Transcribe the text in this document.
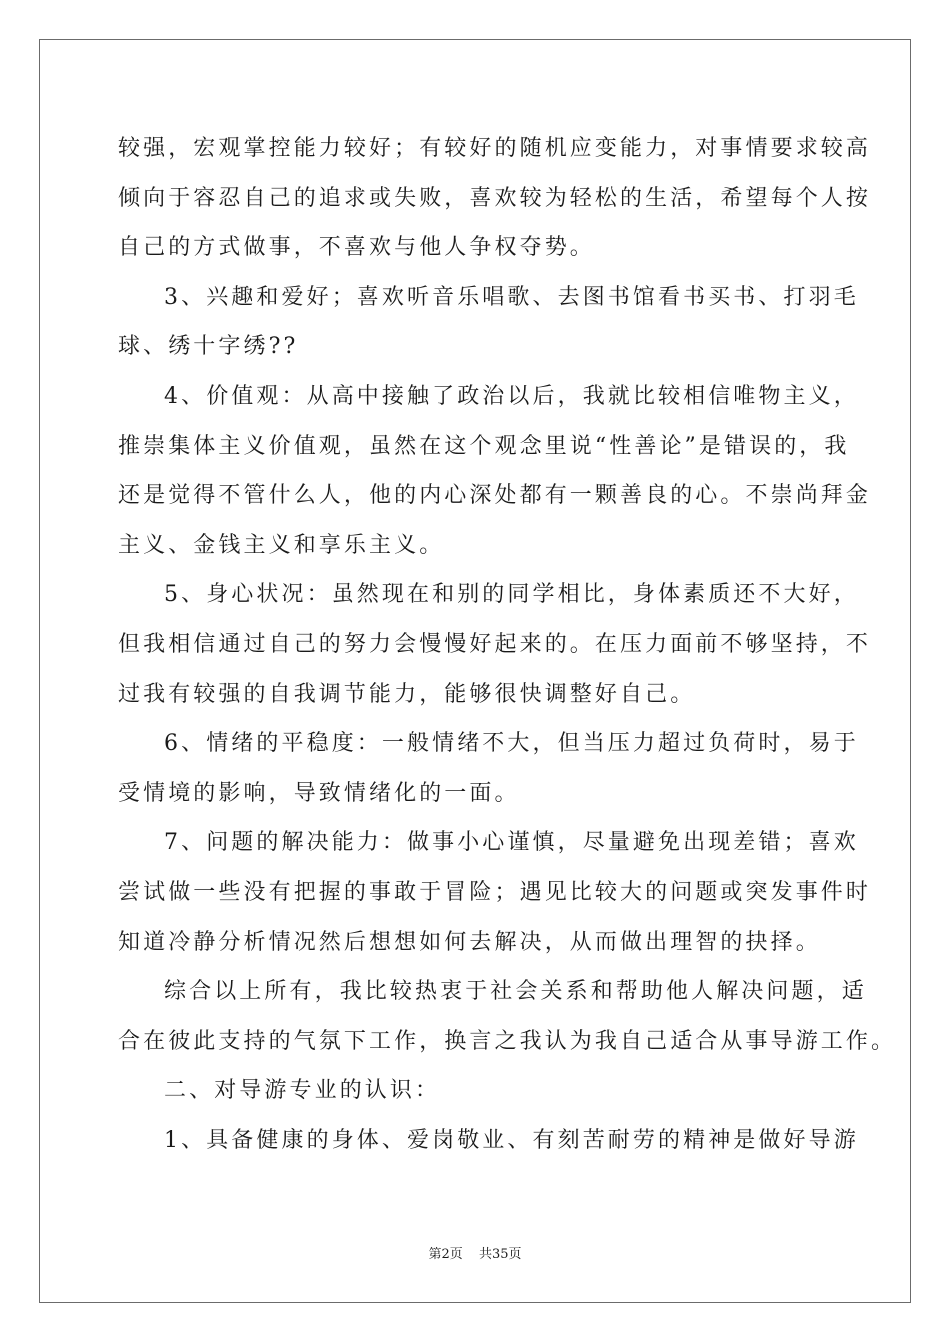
较强，宏观掌控能力较好；有较好的随机应变能力，对事情要求较高
倾向于容忍自己的追求或失败，喜欢较为轻松的生活，希望每个人按
自己的方式做事，不喜欢与他人争权夺势。
3、兴趣和爱好；喜欢听音乐唱歌、去图书馆看书买书、打羽毛
球、绣十字绣??
4、价值观：从高中接触了政治以后，我就比较相信唯物主义，
推崇集体主义价值观，虽然在这个观念里说“性善论”是错误的，我
还是觉得不管什么人，他的内心深处都有一颗善良的心。不崇尚拜金
主义、金钱主义和享乐主义。
5、身心状况：虽然现在和别的同学相比，身体素质还不大好，
但我相信通过自己的努力会慢慢好起来的。在压力面前不够坚持，不
过我有较强的自我调节能力，能够很快调整好自己。
6、情绪的平稳度：一般情绪不大，但当压力超过负荷时，易于
受情境的影响，导致情绪化的一面。
7、问题的解决能力：做事小心谨慎，尽量避免出现差错；喜欢
尝试做一些没有把握的事敢于冒险；遇见比较大的问题或突发事件时
知道冷静分析情况然后想想如何去解决，从而做出理智的抉择。
综合以上所有，我比较热衷于社会关系和帮助他人解决问题，适
合在彼此支持的气氛下工作，换言之我认为我自己适合从事导游工作。
二、对导游专业的认识：
1、具备健康的身体、爱岗敬业、有刻苦耐劳的精神是做好导游
第2页 共35页
